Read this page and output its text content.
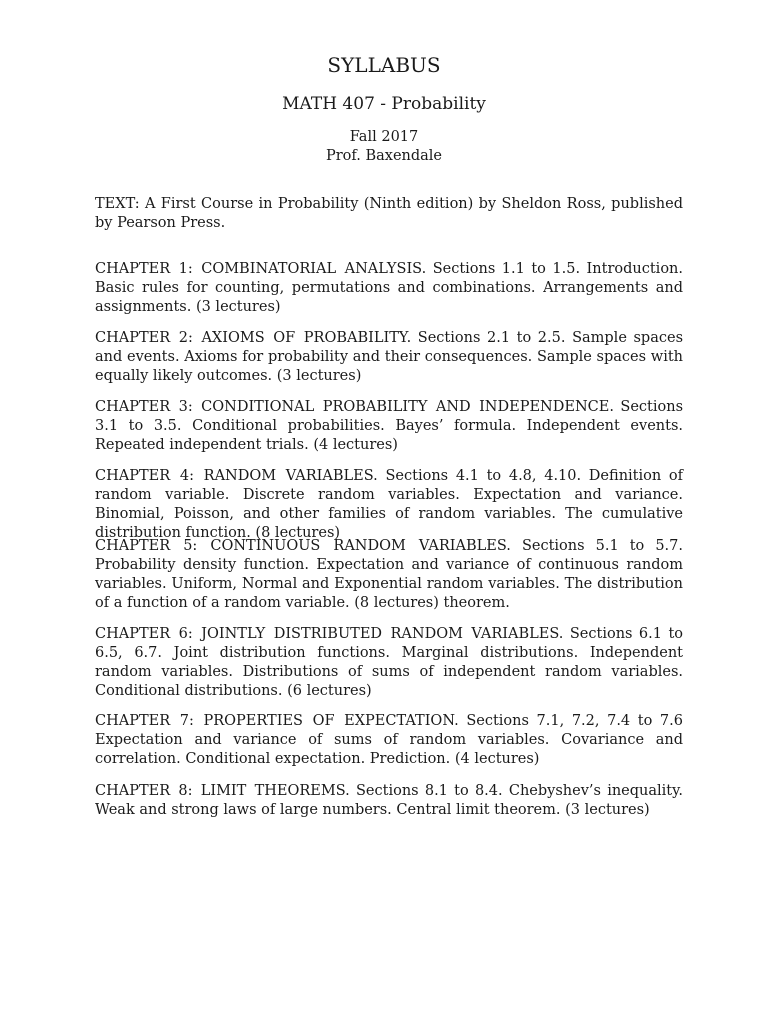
SYLLABUS
MATH 407 - Probability
Fall 2017
Prof. Baxendale
TEXT: A First Course in Probability (Ninth edition) by Sheldon Ross, published by Pearson Press.
CHAPTER 1: COMBINATORIAL ANALYSIS. Sections 1.1 to 1.5. Introduction. Basic rules for counting, permutations and combinations. Arrangements and assignments. (3 lectures)
CHAPTER 2: AXIOMS OF PROBABILITY. Sections 2.1 to 2.5. Sample spaces and events. Axioms for probability and their consequences. Sample spaces with equally likely outcomes. (3 lectures)
CHAPTER 3: CONDITIONAL PROBABILITY AND INDEPENDENCE. Sections 3.1 to 3.5. Conditional probabilities. Bayes’ formula. Independent events. Repeated independent trials. (4 lectures)
CHAPTER 4: RANDOM VARIABLES. Sections 4.1 to 4.8, 4.10. Definition of random variable. Discrete random variables. Expectation and variance. Binomial, Poisson, and other families of random variables. The cumulative distribution function. (8 lectures)
CHAPTER 5: CONTINUOUS RANDOM VARIABLES. Sections 5.1 to 5.7. Probability density function. Expectation and variance of continuous random variables. Uniform, Normal and Exponential random variables. The distribution of a function of a random variable. (8 lectures) theorem.
CHAPTER 6: JOINTLY DISTRIBUTED RANDOM VARIABLES. Sections 6.1 to 6.5, 6.7. Joint distribution functions. Marginal distributions. Independent random variables. Distributions of sums of independent random variables. Conditional distributions. (6 lectures)
CHAPTER 7: PROPERTIES OF EXPECTATION. Sections 7.1, 7.2, 7.4 to 7.6 Expectation and variance of sums of random variables. Covariance and correlation. Conditional expectation. Prediction. (4 lectures)
CHAPTER 8: LIMIT THEOREMS. Sections 8.1 to 8.4. Chebyshev’s inequality. Weak and strong laws of large numbers. Central limit theorem. (3 lectures)
